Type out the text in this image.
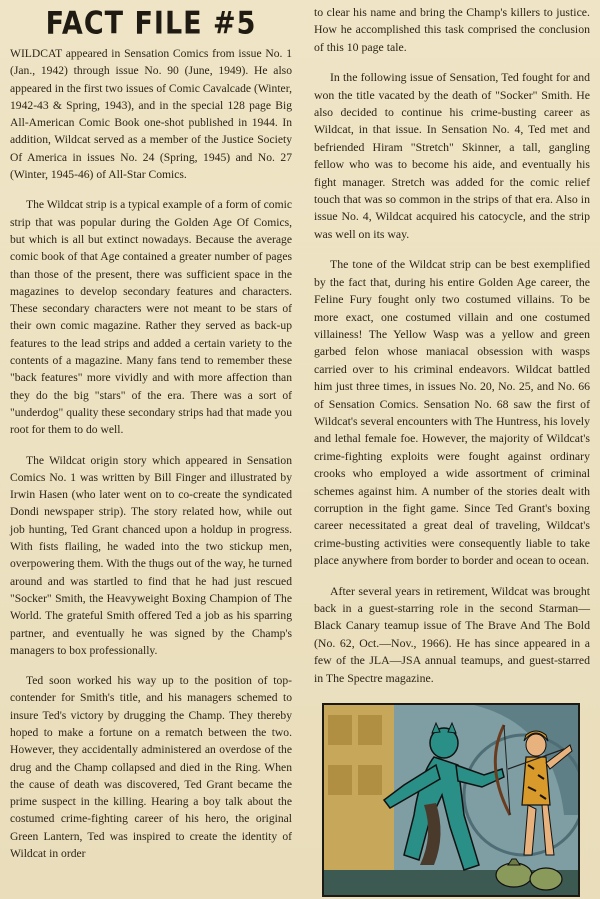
FACT FILE #5

WILDCAT appeared in Sensation Comics from issue No. 1 (Jan., 1942) through issue No. 90 (June, 1949). He also appeared in the first two issues of Comic Cavalcade (Winter, 1942-43 & Spring, 1943), and in the special 128 page Big All-American Comic Book one-shot published in 1944. In addition, Wildcat served as a member of the Justice Society Of America in issues No. 24 (Spring, 1945) and No. 27 (Winter, 1945-46) of All-Star Comics.

The Wildcat strip is a typical example of a form of comic strip that was popular during the Golden Age Of Comics, but which is all but extinct nowadays. Because the average comic book of that Age contained a greater number of pages than those of the present, there was sufficient space in the magazines to develop secondary features and characters. These secondary characters were not meant to be stars of their own comic magazine. Rather they served as back-up features to the lead strips and added a certain variety to the contents of a magazine. Many fans tend to remember these "back features" more vividly and with more affection than they do the big "stars" of the era. There was a sort of "underdog" quality these secondary strips had that made you root for them to do well.

The Wildcat origin story which appeared in Sensation Comics No. 1 was written by Bill Finger and illustrated by Irwin Hasen (who later went on to co-create the syndicated Dondi newspaper strip). The story related how, while out job hunting, Ted Grant chanced upon a holdup in progress. With fists flailing, he waded into the two stickup men, overpowering them. With the thugs out of the way, he turned around and was startled to find that he had just rescued "Socker" Smith, the Heavyweight Boxing Champion of The World. The grateful Smith offered Ted a job as his sparring partner, and eventually he was signed by the Champ's managers to box professionally.

Ted soon worked his way up to the position of top-contender for Smith's title, and his managers schemed to insure Ted's victory by drugging the Champ. They thereby hoped to make a fortune on a rematch between the two. However, they accidentally administered an overdose of the drug and the Champ collapsed and died in the Ring. When the cause of death was discovered, Ted Grant became the prime suspect in the killing. Hearing a boy talk about the costumed crime-fighting career of his hero, the original Green Lantern, Ted was inspired to create the identity of Wildcat in order

to clear his name and bring the Champ's killers to justice. How he accomplished this task comprised the conclusion of this 10 page tale.

In the following issue of Sensation, Ted fought for and won the title vacated by the death of "Socker" Smith. He also decided to continue his crime-busting career as Wildcat, in that issue. In Sensation No. 4, Ted met and befriended Hiram "Stretch" Skinner, a tall, gangling fellow who was to become his aide, and eventually his fight manager. Stretch was added for the comic relief touch that was so common in the strips of that era. Also in issue No. 4, Wildcat acquired his catocycle, and the strip was well on its way.

The tone of the Wildcat strip can be best exemplified by the fact that, during his entire Golden Age career, the Feline Fury fought only two costumed villains. To be more exact, one costumed villain and one costumed villainess! The Yellow Wasp was a yellow and green garbed felon whose maniacal obsession with wasps carried over to his criminal endeavors. Wildcat battled him just three times, in issues No. 20, No. 25, and No. 66 of Sensation Comics. Sensation No. 68 saw the first of Wildcat's several encounters with The Huntress, his lovely and lethal female foe. However, the majority of Wildcat's crime-fighting exploits were fought against ordinary crooks who employed a wide assortment of criminal schemes against him. A number of the stories dealt with corruption in the fight game. Since Ted Grant's boxing career necessitated a great deal of traveling, Wildcat's crime-busting activities were consequently liable to take place anywhere from border to border and ocean to ocean.

After several years in retirement, Wildcat was brought back in a guest-starring role in the second Starman—Black Canary teamup issue of The Brave And The Bold (No. 62, Oct.—Nov., 1966). He has since appeared in a few of the JLA—JSA annual teamups, and guest-starred in The Spectre magazine.
